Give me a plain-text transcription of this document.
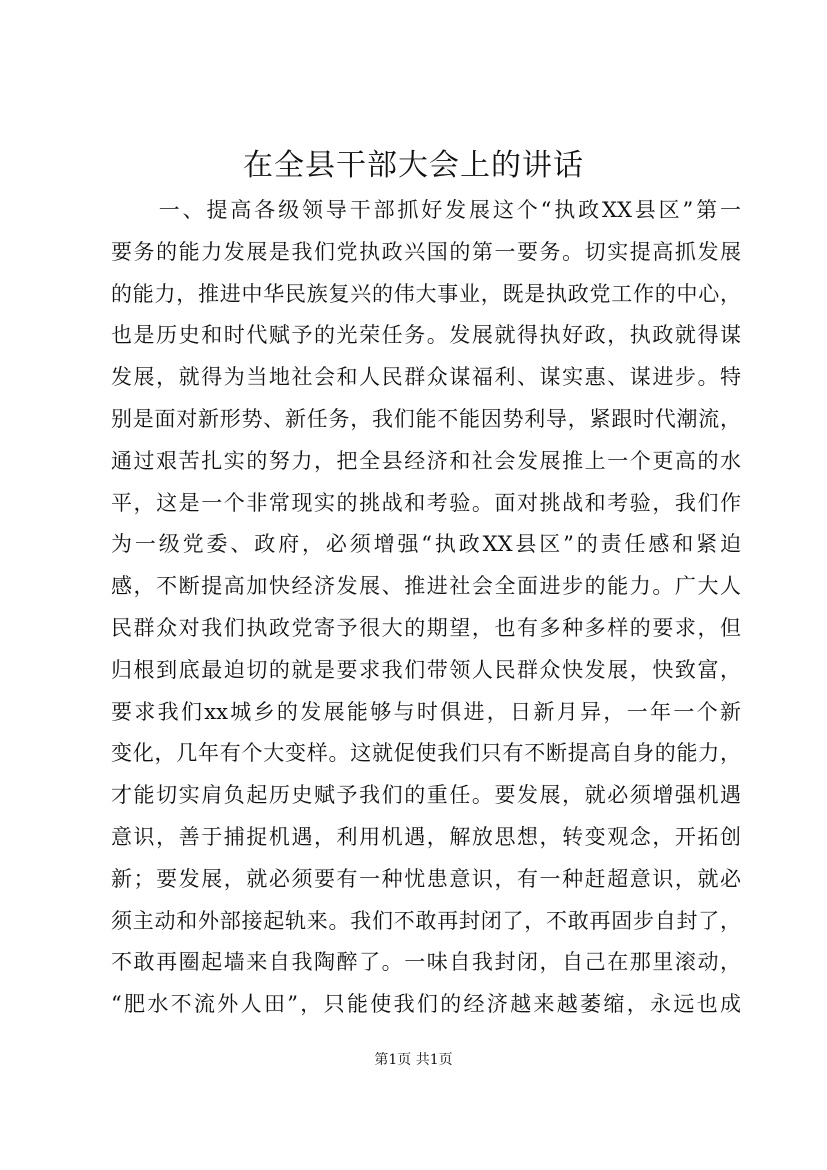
在全县干部大会上的讲话
　　一、提高各级领导干部抓好发展这个“执政XX县区”第一
要务的能力发展是我们党执政兴国的第一要务。切实提高抓发展
的能力，推进中华民族复兴的伟大事业，既是执政党工作的中心，
也是历史和时代赋予的光荣任务。发展就得执好政，执政就得谋
发展，就得为当地社会和人民群众谋福利、谋实惠、谋进步。特
别是面对新形势、新任务，我们能不能因势利导，紧跟时代潮流，
通过艰苦扎实的努力，把全县经济和社会发展推上一个更高的水
平，这是一个非常现实的挑战和考验。面对挑战和考验，我们作
为一级党委、政府，必须增强“执政XX县区”的责任感和紧迫
感，不断提高加快经济发展、推进社会全面进步的能力。广大人
民群众对我们执政党寄予很大的期望，也有多种多样的要求，但
归根到底最迫切的就是要求我们带领人民群众快发展，快致富，
要求我们xx城乡的发展能够与时俱进，日新月异，一年一个新
变化，几年有个大变样。这就促使我们只有不断提高自身的能力，
才能切实肩负起历史赋予我们的重任。要发展，就必须增强机遇
意识，善于捕捉机遇，利用机遇，解放思想，转变观念，开拓创
新；要发展，就必须要有一种忧患意识，有一种赶超意识，就必
须主动和外部接起轨来。我们不敢再封闭了，不敢再固步自封了，
不敢再圈起墙来自我陶醉了。一味自我封闭，自己在那里滚动，
“肥水不流外人田”，只能使我们的经济越来越萎缩，永远也成
第1页 共1页
